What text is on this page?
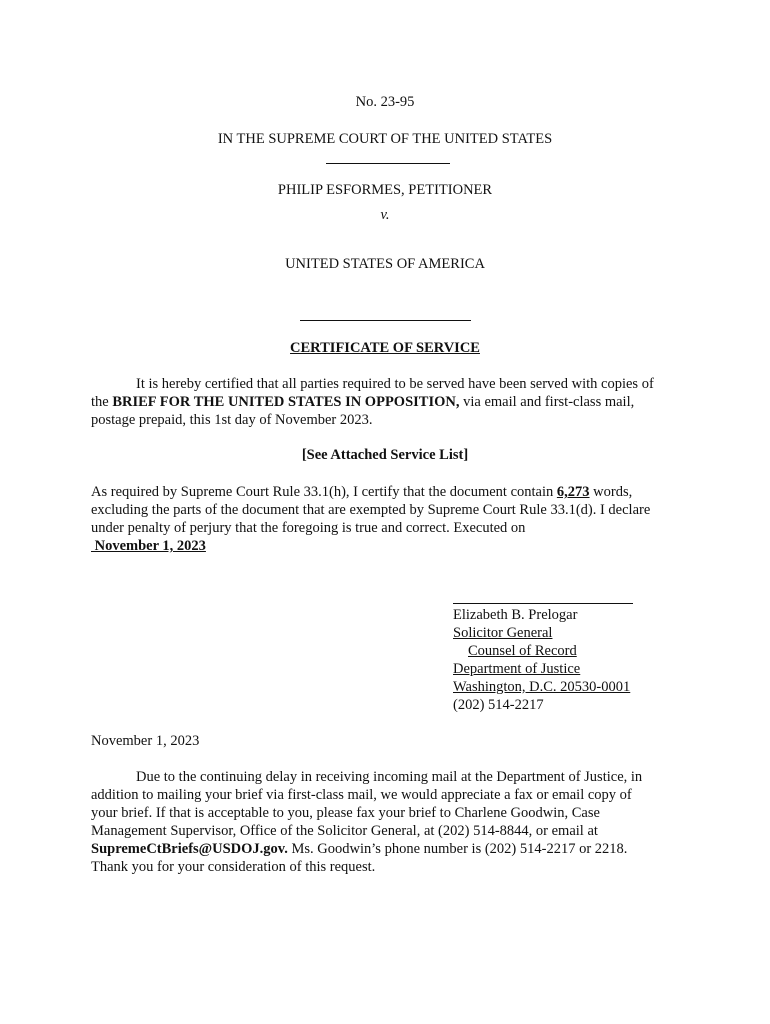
No. 23-95
IN THE SUPREME COURT OF THE UNITED STATES
PHILIP ESFORMES, PETITIONER
v.
UNITED STATES OF AMERICA
CERTIFICATE OF SERVICE
It is hereby certified that all parties required to be served have been served with copies of
the BRIEF FOR THE UNITED STATES IN OPPOSITION, via email and first-class mail,
postage prepaid, this 1st day of November 2023.
[See Attached Service List]
As required by Supreme Court Rule 33.1(h), I certify that the document contain 6,273 words,
excluding the parts of the document that are exempted by Supreme Court Rule 33.1(d). I declare
under penalty of perjury that the foregoing is true and correct. Executed on
November 1, 2023
Elizabeth B. Prelogar
Solicitor General
Counsel of Record
Department of Justice
Washington, D.C. 20530-0001
(202) 514-2217
November 1, 2023
Due to the continuing delay in receiving incoming mail at the Department of Justice, in
addition to mailing your brief via first-class mail, we would appreciate a fax or email copy of
your brief. If that is acceptable to you, please fax your brief to Charlene Goodwin, Case
Management Supervisor, Office of the Solicitor General, at (202) 514-8844, or email at
SupremeCtBriefs@USDOJ.gov. Ms. Goodwin’s phone number is (202) 514-2217 or 2218.
Thank you for your consideration of this request.
